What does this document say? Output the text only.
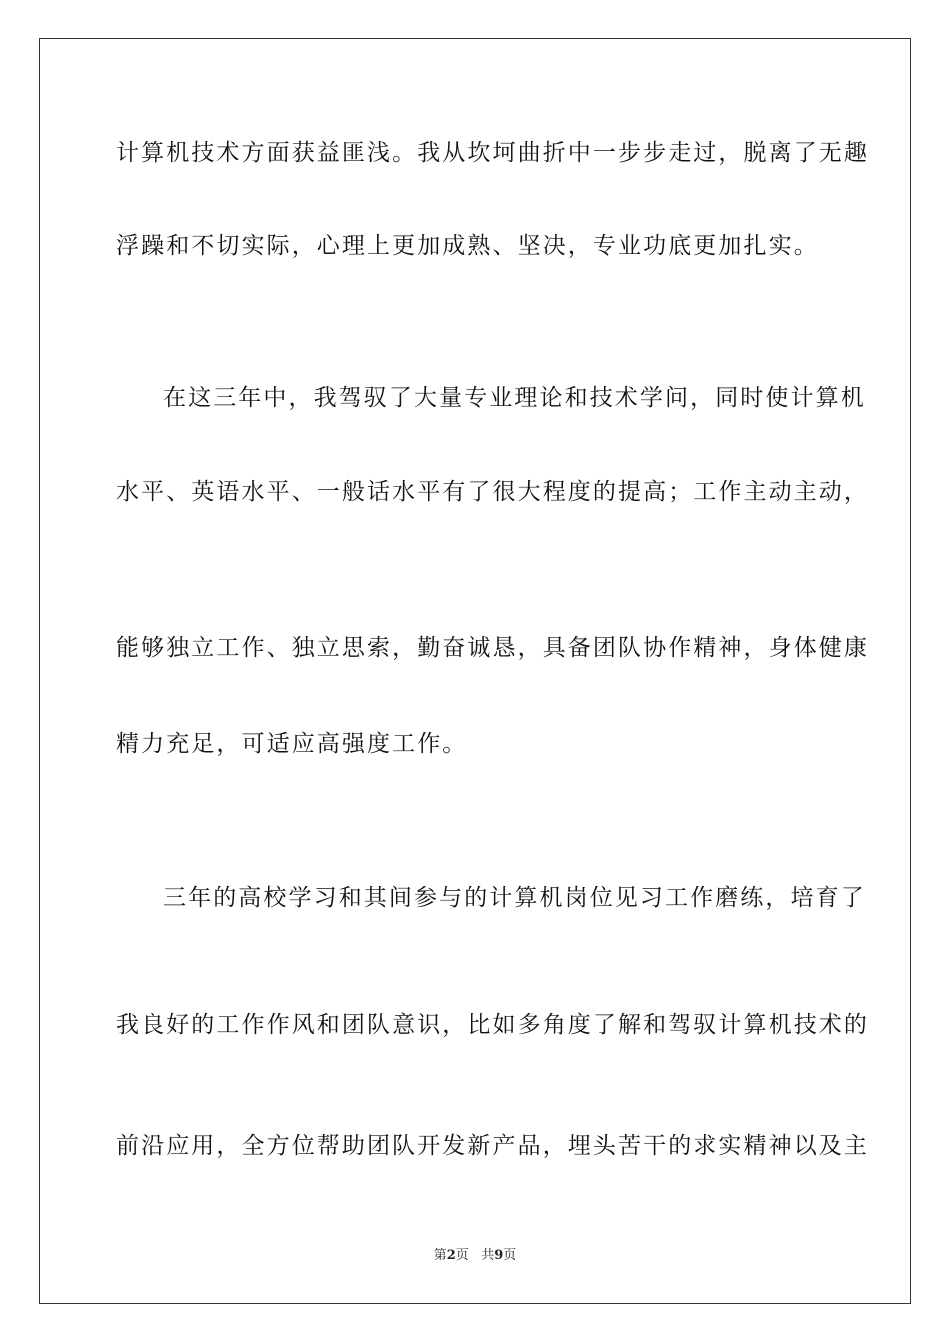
计算机技术方面获益匪浅。我从坎坷曲折中一步步走过，脱离了无趣
浮躁和不切实际，心理上更加成熟、坚决，专业功底更加扎实。
在这三年中，我驾驭了大量专业理论和技术学问，同时使计算机
水平、英语水平、一般话水平有了很大程度的提高；工作主动主动，
能够独立工作、独立思索，勤奋诚恳，具备团队协作精神，身体健康
精力充足，可适应高强度工作。
三年的高校学习和其间参与的计算机岗位见习工作磨练，培育了
我良好的工作作风和团队意识，比如多角度了解和驾驭计算机技术的
前沿应用，全方位帮助团队开发新产品，埋头苦干的求实精神以及主
第2页   共9页
